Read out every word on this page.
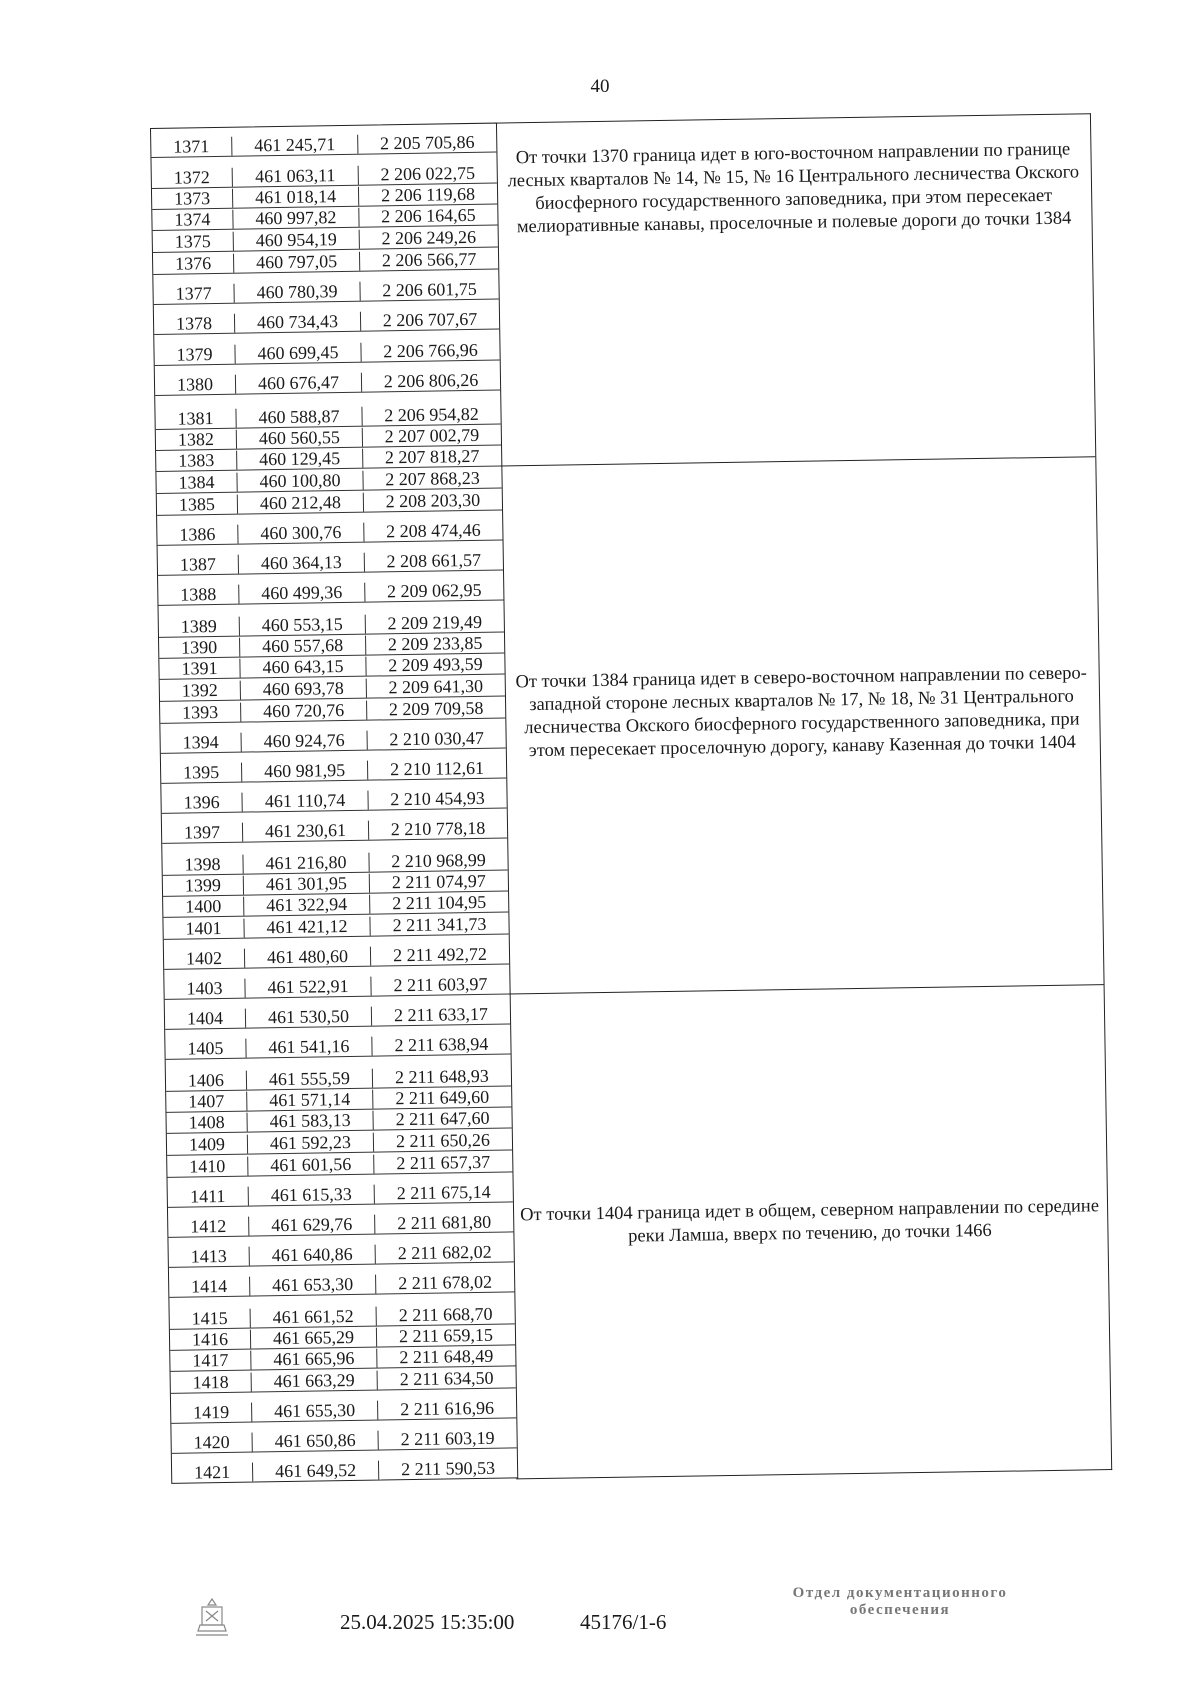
40
1371	461 245,71	2 205 705,86
1372	461 063,11	2 206 022,75
1373	461 018,14	2 206 119,68
1374	460 997,82	2 206 164,65
1375	460 954,19	2 206 249,26
1376	460 797,05	2 206 566,77
1377	460 780,39	2 206 601,75
1378	460 734,43	2 206 707,67
1379	460 699,45	2 206 766,96
1380	460 676,47	2 206 806,26
1381	460 588,87	2 206 954,82
1382	460 560,55	2 207 002,79
1383	460 129,45	2 207 818,27
1384	460 100,80	2 207 868,23
1385	460 212,48	2 208 203,30
1386	460 300,76	2 208 474,46
1387	460 364,13	2 208 661,57
1388	460 499,36	2 209 062,95
1389	460 553,15	2 209 219,49
1390	460 557,68	2 209 233,85
1391	460 643,15	2 209 493,59
1392	460 693,78	2 209 641,30
1393	460 720,76	2 209 709,58
1394	460 924,76	2 210 030,47
1395	460 981,95	2 210 112,61
1396	461 110,74	2 210 454,93
1397	461 230,61	2 210 778,18
1398	461 216,80	2 210 968,99
1399	461 301,95	2 211 074,97
1400	461 322,94	2 211 104,95
1401	461 421,12	2 211 341,73
1402	461 480,60	2 211 492,72
1403	461 522,91	2 211 603,97
1404	461 530,50	2 211 633,17
1405	461 541,16	2 211 638,94
1406	461 555,59	2 211 648,93
1407	461 571,14	2 211 649,60
1408	461 583,13	2 211 647,60
1409	461 592,23	2 211 650,26
1410	461 601,56	2 211 657,37
1411	461 615,33	2 211 675,14
1412	461 629,76	2 211 681,80
1413	461 640,86	2 211 682,02
1414	461 653,30	2 211 678,02
1415	461 661,52	2 211 668,70
1416	461 665,29	2 211 659,15
1417	461 665,96	2 211 648,49
1418	461 663,29	2 211 634,50
1419	461 655,30	2 211 616,96
1420	461 650,86	2 211 603,19
1421	461 649,52	2 211 590,53
От точки 1370 граница идет в юго-восточном направлении по границе лесных кварталов № 14, № 15, № 16 Центрального лесничества Окского биосферного государственного заповедника, при этом пересекает мелиоративные канавы, проселочные и полевые дороги до точки 1384
От точки 1384 граница идет в северо-восточном направлении по северо-западной стороне лесных кварталов № 17, № 18, № 31 Центрального лесничества Окского биосферного государственного заповедника, при этом пересекает проселочную дорогу, канаву Казенная до точки 1404
От точки 1404 граница идет в общем, северном направлении по середине реки Ламша, вверх по течению, до точки 1466
25.04.2025 15:35:00	45176/1-6
Отдел документационного
обеспечения
